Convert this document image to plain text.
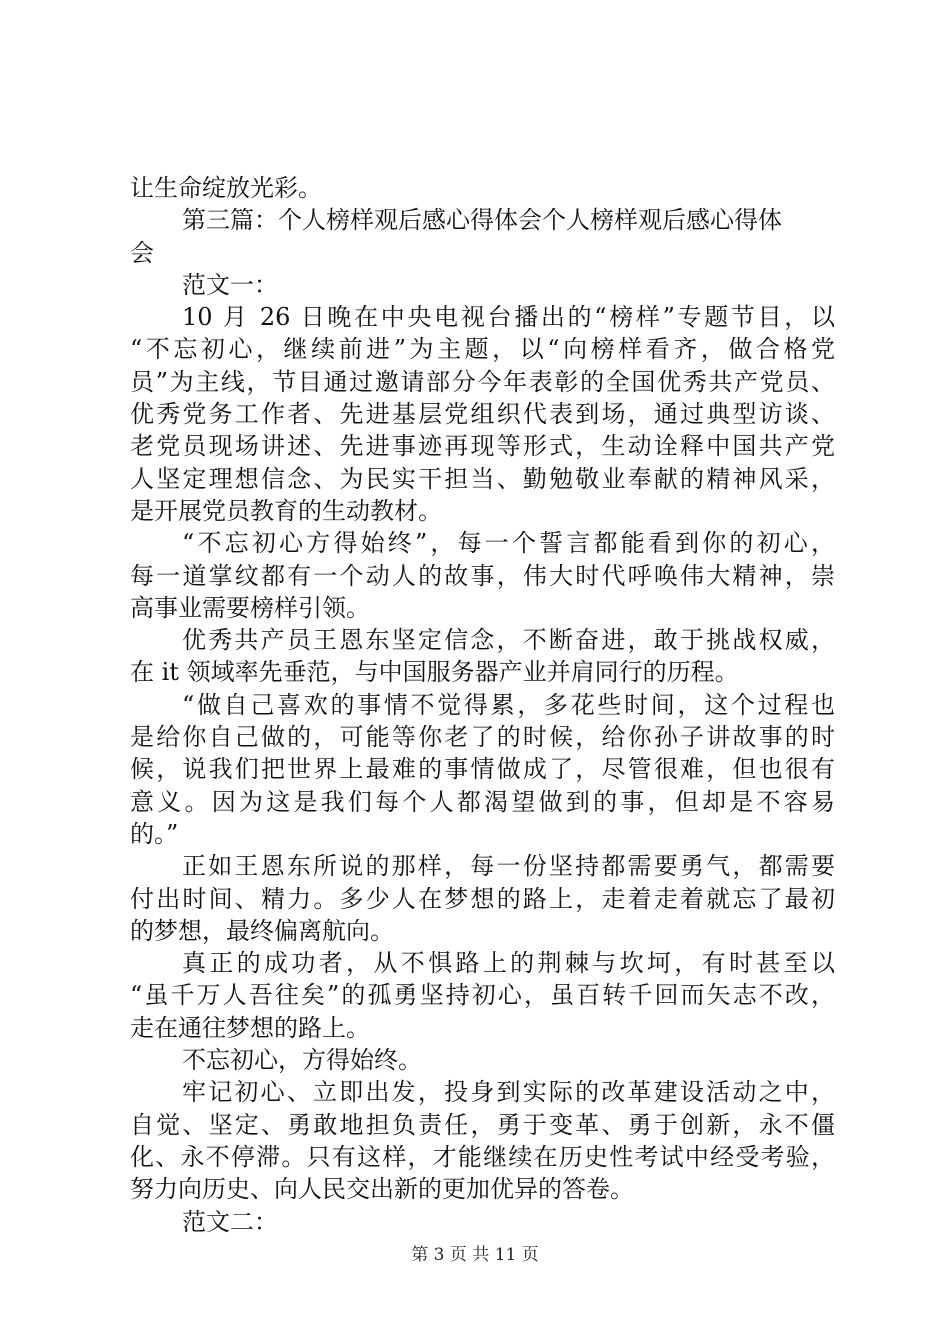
让生命绽放光彩。
第三篇：个人榜样观后感心得体会个人榜样观后感心得体
会
范文一：
10 月 26 日晚在中央电视台播出的“榜样”专题节目，以
“不忘初心，继续前进”为主题，以“向榜样看齐，做合格党
员”为主线，节目通过邀请部分今年表彰的全国优秀共产党员、
优秀党务工作者、先进基层党组织代表到场，通过典型访谈、
老党员现场讲述、先进事迹再现等形式，生动诠释中国共产党
人坚定理想信念、为民实干担当、勤勉敬业奉献的精神风采，
是开展党员教育的生动教材。
“不忘初心方得始终”，每一个誓言都能看到你的初心，
每一道掌纹都有一个动人的故事，伟大时代呼唤伟大精神，崇
高事业需要榜样引领。
优秀共产员王恩东坚定信念，不断奋进，敢于挑战权威，
在 it 领域率先垂范，与中国服务器产业并肩同行的历程。
“做自己喜欢的事情不觉得累，多花些时间，这个过程也
是给你自己做的，可能等你老了的时候，给你孙子讲故事的时
候，说我们把世界上最难的事情做成了，尽管很难，但也很有
意义。因为这是我们每个人都渴望做到的事，但却是不容易
的。”
正如王恩东所说的那样，每一份坚持都需要勇气，都需要
付出时间、精力。多少人在梦想的路上，走着走着就忘了最初
的梦想，最终偏离航向。
真正的成功者，从不惧路上的荆棘与坎坷，有时甚至以
“虽千万人吾往矣”的孤勇坚持初心，虽百转千回而矢志不改，
走在通往梦想的路上。
不忘初心，方得始终。
牢记初心、立即出发，投身到实际的改革建设活动之中，
自觉、坚定、勇敢地担负责任，勇于变革、勇于创新，永不僵
化、永不停滞。只有这样，才能继续在历史性考试中经受考验，
努力向历史、向人民交出新的更加优异的答卷。
范文二：
第 3 页 共 11 页
